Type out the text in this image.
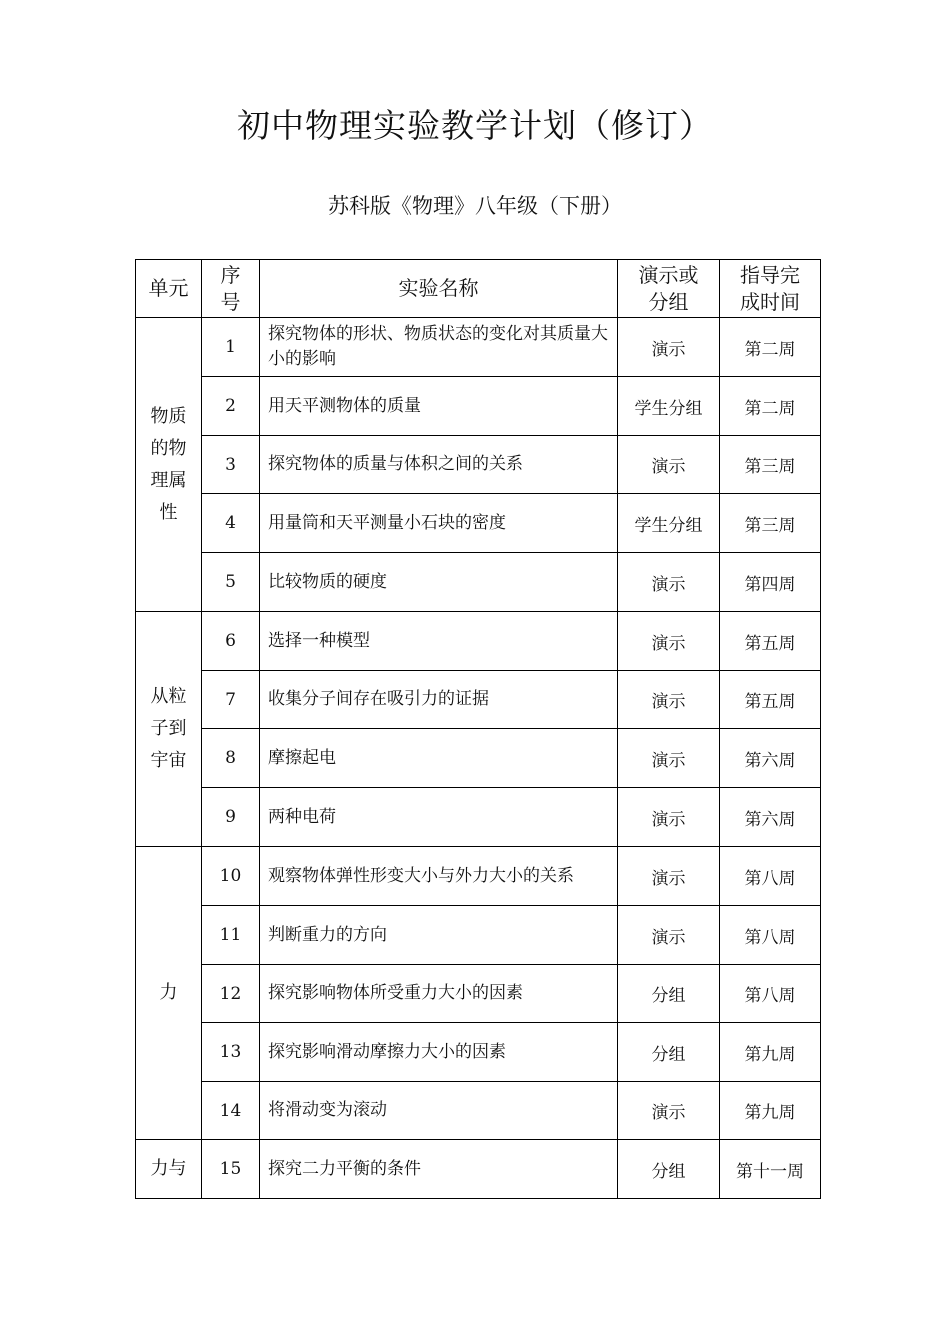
初中物理实验教学计划（修订）
苏科版《物理》八年级（下册）
单元	序号	实验名称	演示或分组	指导完成时间

物质的物理属性	1	探究物体的形状、物质状态的变化对其质量大小的影响	演示	第二周
	2	用天平测物体的质量	学生分组	第二周
	3	探究物体的质量与体积之间的关系	演示	第三周
	4	用量筒和天平测量小石块的密度	学生分组	第三周
	5	比较物质的硬度	演示	第四周
从粒子到宇宙	6	选择一种模型	演示	第五周
	7	收集分子间存在吸引力的证据	演示	第五周
	8	摩擦起电	演示	第六周
	9	两种电荷	演示	第六周
力	10	观察物体弹性形变大小与外力大小的关系	演示	第八周
	11	判断重力的方向	演示	第八周
	12	探究影响物体所受重力大小的因素	分组	第八周
	13	探究影响滑动摩擦力大小的因素	分组	第九周
	14	将滑动变为滚动	演示	第九周
力与	15	探究二力平衡的条件	分组	第十一周
